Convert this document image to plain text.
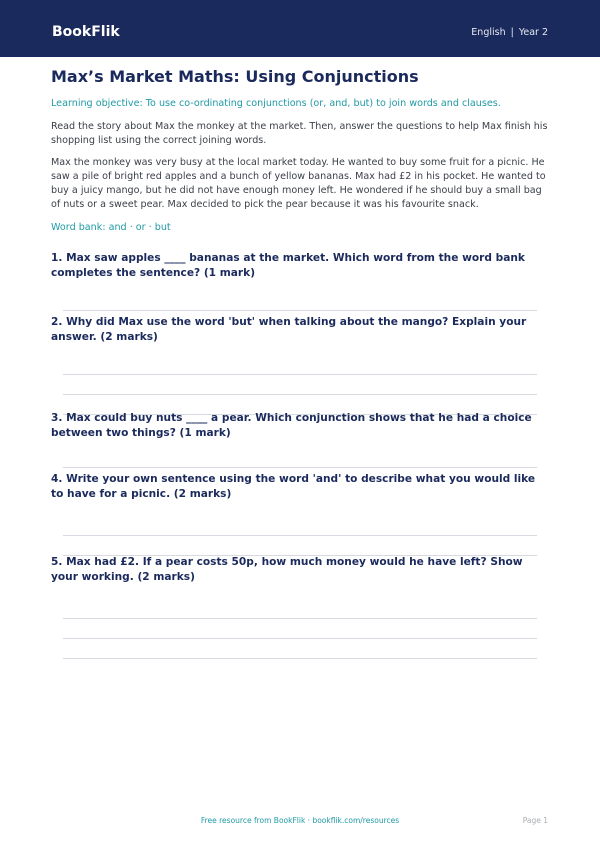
BookFlik	English | Year 2
Max’s Market Maths: Using Conjunctions
Learning objective: To use co-ordinating conjunctions (or, and, but) to join words and clauses.
Read the story about Max the monkey at the market. Then, answer the questions to help Max finish his shopping list using the correct joining words.
Max the monkey was very busy at the local market today. He wanted to buy some fruit for a picnic. He saw a pile of bright red apples and a bunch of yellow bananas. Max had £2 in his pocket. He wanted to buy a juicy mango, but he did not have enough money left. He wondered if he should buy a small bag of nuts or a sweet pear. Max decided to pick the pear because it was his favourite snack.
Word bank: and · or · but
1. Max saw apples ____ bananas at the market. Which word from the word bank completes the sentence? (1 mark)
2. Why did Max use the word 'but' when talking about the mango? Explain your answer. (2 marks)
3. Max could buy nuts ____ a pear. Which conjunction shows that he had a choice between two things? (1 mark)
4. Write your own sentence using the word 'and' to describe what you would like to have for a picnic. (2 marks)
5. Max had £2. If a pear costs 50p, how much money would he have left? Show your working. (2 marks)
Free resource from BookFlik · bookflik.com/resources	Page 1
